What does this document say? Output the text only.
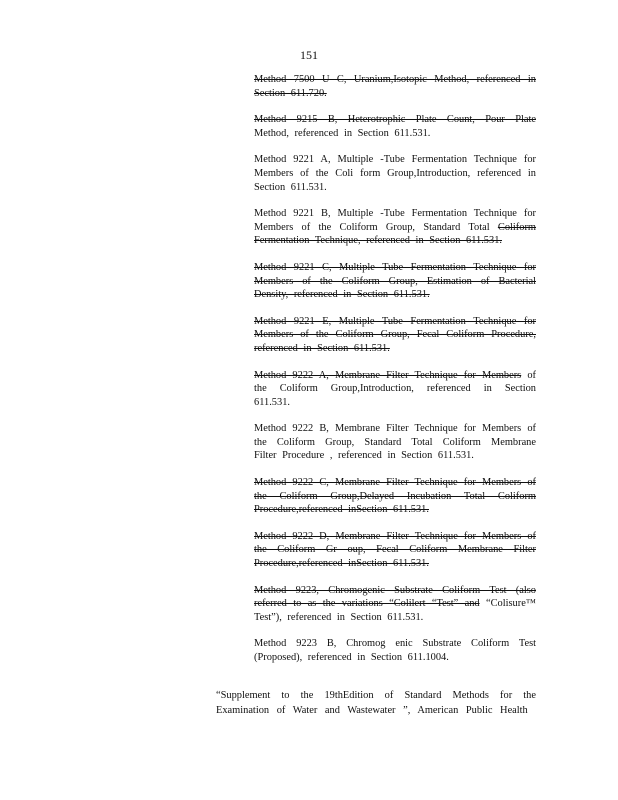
151

Method 7500 U C, Uranium,Isotopic Method, referenced in Section 611.720.

Method 9215 B, Heterotrophic Plate Count, Pour Plate Method, referenced in Section 611.531.

Method 9221 A, Multiple -Tube Fermentation Technique for Members of the Coli form Group,Introduction, referenced in Section 611.531.

Method 9221 B, Multiple -Tube Fermentation Technique for Members of the Coliform Group, Standard Total Coliform Fermentation Technique, referenced in Section 611.531.

Method 9221 C, Multiple Tube Fermentation Technique for Members of the Coliform Group, Estimation of Bacterial Density, referenced in Section 611.531.

Method 9221 E, Multiple Tube Fermentation Technique for Members of the Coliform Group, Fecal Coliform Procedure, referenced in Section 611.531.

Method 9222 A, Membrane Filter Technique for Members of the Coliform Group,Introduction, referenced in Section 611.531.

Method 9222 B, Membrane Filter Technique for Members of the Coliform Group, Standard Total Coliform Membrane Filter Procedure , referenced in Section 611.531.

Method 9222 C, Membrane Filter Technique for Members of the Coliform Group,Delayed Incubation Total Coliform Procedure,referenced inSection 611.531.

Method 9222 D, Membrane Filter Technique for Members of the Coliform Gr oup, Fecal Coliform Membrane Filter Procedure,referenced inSection 611.531.

Method 9223, Chromogenic Substrate Coliform Test (also referred to as the variations “Colilert “Test” and “Colisure™ Test”), referenced in Section 611.531.

Method 9223 B, Chromog enic Substrate Coliform Test (Proposed), referenced in Section 611.1004.

“Supplement to the 19thEdition of Standard Methods for the Examination of Water and Wastewater ”, American Public Health
